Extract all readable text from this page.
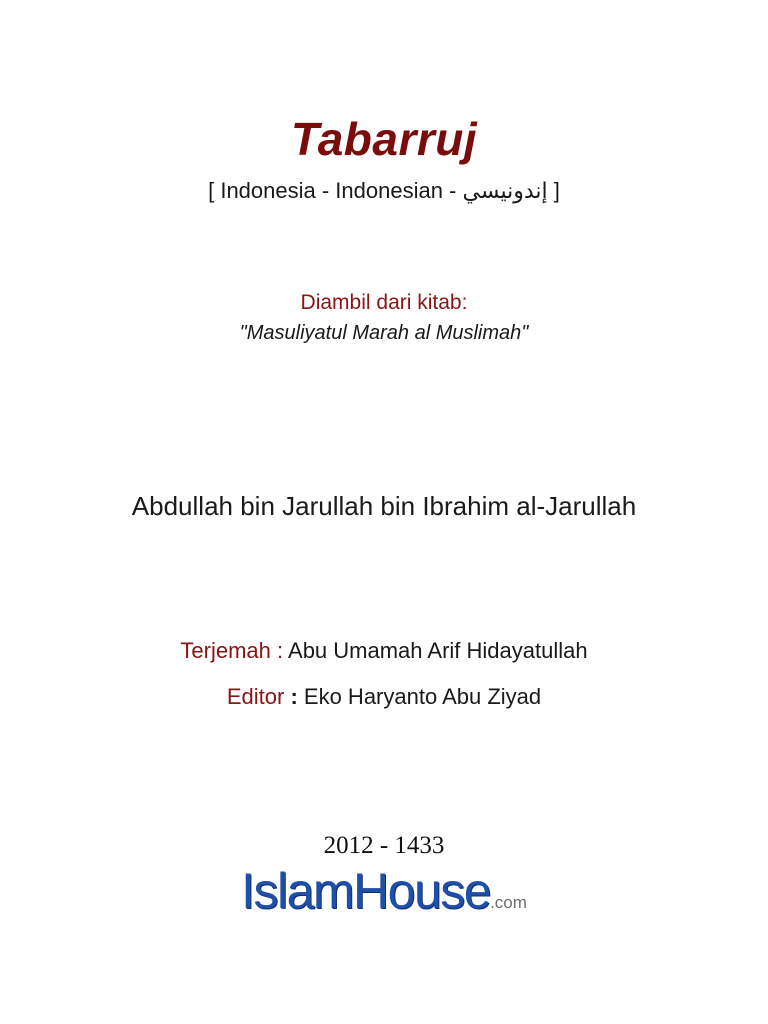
Tabarruj
[ Indonesia - Indonesian - إندونيسي ]
Diambil dari kitab:
"Masuliyatul Marah al Muslimah"
Abdullah bin Jarullah bin Ibrahim al-Jarullah
Terjemah : Abu Umamah Arif Hidayatullah
Editor : Eko Haryanto Abu Ziyad
2012 - 1433
IslamHouse.com
